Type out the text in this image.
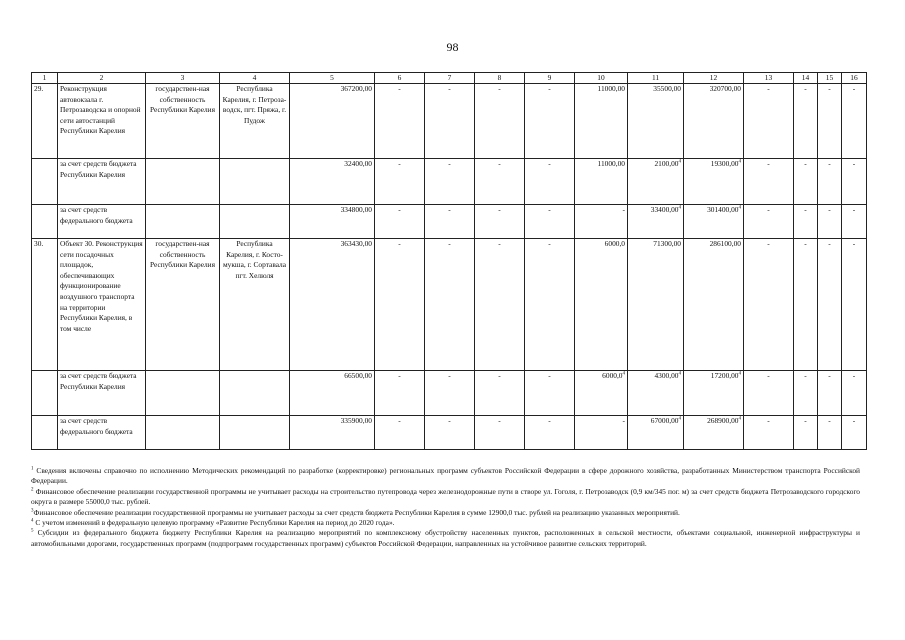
98
1	2	3	4	5	6	7	8	9	10	11	12	13	14	15	16
29.	Реконструкция автовокзала г. Петрозаводска и опорной сети автостанций Республики Карелия	государствен-ная собственность Республики Карелия	Республика Карелия, г. Петроза-водск, пгт. Пряжа, г. Пудож	367200,00	-	-	-	-	11000,00	35500,00	320700,00	-	-	-	-
	за счет средств бюджета Республики Карелия			32400,00	-	-	-	-	11000,00	2100,00$^4$	19300,00$^4$	-	-	-	-
	за счет средств федерального бюджета			334800,00	-	-	-	-	-	33400,00$^4$	301400,00$^4$	-	-	-	-
30.	Объект 30. Реконструкция сети посадочных площадок, обеспечивающих функционирование воздушного транспорта на территории Республики Карелия, в том числе	государствен-ная собственность Республики Карелия	Республика Карелия, г. Косто-мукша, г. Сортавала пгт. Хелюля	363430,00	-	-	-	-	6000,0	71300,00	286100,00	-	-	-	-
	за счет средств бюджета Республики Карелия			66500,00	-	-	-	-	6000,0$^4$	4300,00$^4$	17200,00$^4$	-	-	-	-
	за счет средств федерального бюджета			335900,00	-	-	-	-	-	67000,00$^4$	268900,00$^4$	-	-	-	-

$^1$ Сведения включены справочно по исполнению Методических рекомендаций по разработке (корректировке) региональных программ субъектов Российской Федерации в сфере дорожного хозяйства, разработанных Министерством транспорта Российской Федерации.

$^2$ Финансовое обеспечение реализации государственной программы не учитывает расходы на строительство путепровода через железнодорожные пути в створе ул. Гоголя, г. Петрозаводск (0,9 км/345 пог. м) за счет средств бюджета Петрозаводского городского округа в размере 55000,0 тыс. рублей.

$^3$Финансовое обеспечение реализации государственной программы не учитывает расходы за счет средств бюджета Республики Карелия в сумме 12900,0 тыс. рублей на реализацию указанных мероприятий.

$^4$ С учетом изменений в федеральную целевую программу «Развитие Республики Карелия на период до 2020 года».

$^5$ Субсидии из федерального бюджета бюджету Республики Карелия на реализацию мероприятий по комплексному обустройству населенных пунктов, расположенных в сельской местности, объектами социальной, инженерной инфраструктуры и автомобильными дорогами, государственных программ (подпрограмм государственных программ) субъектов Российской Федерации, направленных на устойчивое развитие сельских территорий.
